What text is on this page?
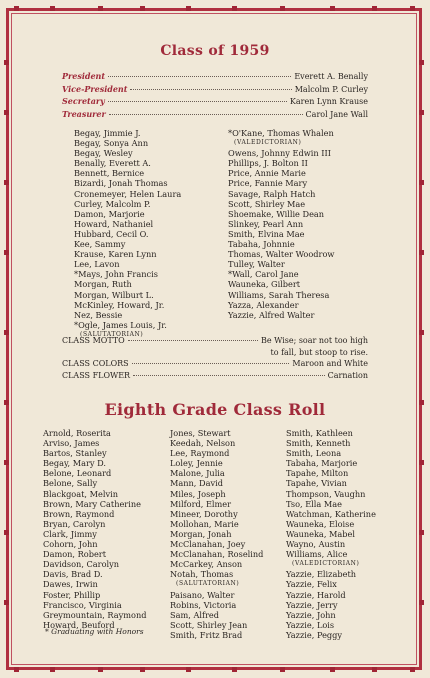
Class of 1959
President	Everett A. Benally
Vice-President	Malcolm P. Curley
Secretary	Karen Lynn Krause
Treasurer	Carol Jane Wall
Begay, Jimmie J.
Begay, Sonya Ann
Begay, Wesley
Benally, Everett A.
Bennett, Bernice
Bizardi, Jonah Thomas
Cronemeyer, Helen Laura
Curley, Malcolm P.
Damon, Marjorie
Howard, Nathaniel
Hubbard, Cecil O.
Kee, Sammy
Krause, Karen Lynn
Lee, Lavon
*Mays, John Francis
Morgan, Ruth
Morgan, Wilburt L.
McKinley, Howard, Jr.
Nez, Bessie
*Ogle, James Louis, Jr.
(SALUTATORIAN)
*O'Kane, Thomas Whalen
(VALEDICTORIAN)
Owens, Johnny Edwin III
Phillips, J. Bolton II
Price, Annie Marie
Price, Fannie Mary
Savage, Ralph Hatch
Scott, Shirley Mae
Shoemake, Willie Dean
Slinkey, Pearl Ann
Smith, Elvina Mae
Tabaha, Johnnie
Thomas, Walter Woodrow
Tulley, Walter
*Wall, Carol Jane
Wauneka, Gilbert
Williams, Sarah Theresa
Yazza, Alexander
Yazzie, Alfred Walter
CLASS MOTTO	Be Wise; soar not too high
to fall, but stoop to rise.
CLASS COLORS	Maroon and White
CLASS FLOWER	Carnation
Eighth Grade Class Roll
Arnold, Roserita
Arviso, James
Bartos, Stanley
Begay, Mary D.
Belone, Leonard
Belone, Sally
Blackgoat, Melvin
Brown, Mary Catherine
Brown, Raymond
Bryan, Carolyn
Clark, Jimmy
Cohorn, John
Damon, Robert
Davidson, Carolyn
Davis, Brad D.
Dawes, Irwin
Foster, Phillip
Francisco, Virginia
Greymountain, Raymond
Howard, Beuford
Jones, Stewart
Keedah, Nelson
Lee, Raymond
Loley, Jennie
Malone, Julia
Mann, David
Miles, Joseph
Milford, Elmer
Mineer, Dorothy
Mollohan, Marie
Morgan, Jonah
McClanahan, Joey
McClanahan, Roselind
McCarkey, Anson
Notah, Thomas
(SALUTATORIAN)
Paisano, Walter
Robins, Victoria
Sam, Alfred
Scott, Shirley Jean
Smith, Fritz Brad
Smith, Kathleen
Smith, Kenneth
Smith, Leona
Tabaha, Marjorie
Tapahe, Milton
Tapahe, Vivian
Thompson, Vaughn
Tso, Ella Mae
Watchman, Katherine
Wauneka, Eloise
Wauneka, Mabel
Wayno, Austin
Williams, Alice
(VALEDICTORIAN)
Yazzie, Elizabeth
Yazzie, Felix
Yazzie, Harold
Yazzie, Jerry
Yazzie, John
Yazzie, Lois
Yazzie, Peggy
* Graduating with Honors
